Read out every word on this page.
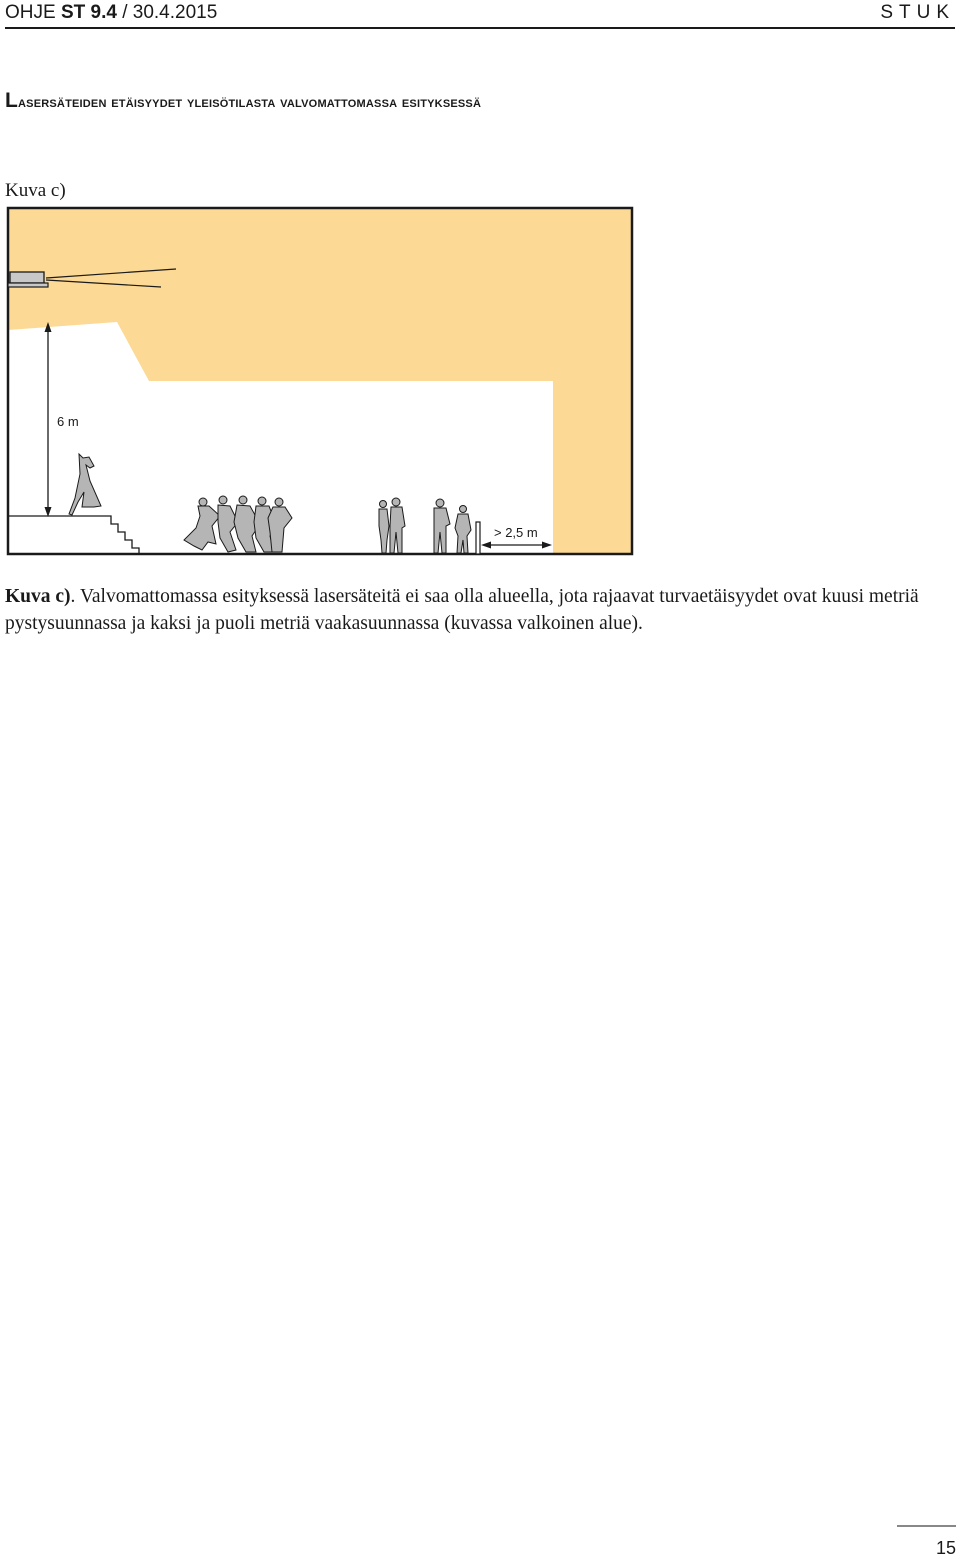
OHJE ST 9.4 / 30.4.2015	STUK
Lasersäteiden etäisyydet yleisötilasta valvomattomassa esityksessä
Kuva c)
6 m
> 2,5 m
Kuva c). Valvomattomassa esityksessä lasersäteitä ei saa olla alueella, jota rajaavat turvaetäisyydet ovat kuusi metriä pystysuunnassa ja kaksi ja puoli metriä vaakasuunnassa (kuvassa valkoinen alue).
15
